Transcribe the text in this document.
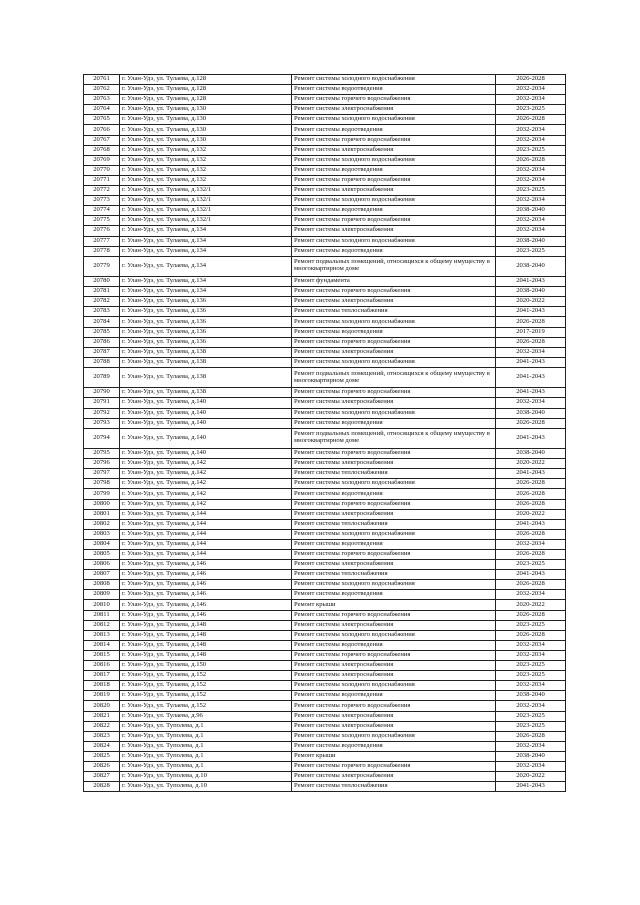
20761	г. Улан-Удэ, ул. Тулаева, д.128	Ремонт системы холодного водоснабжения	2026-2028
20762	г. Улан-Удэ, ул. Тулаева, д.128	Ремонт системы водоотведения	2032-2034
20763	г. Улан-Удэ, ул. Тулаева, д.128	Ремонт системы горячего водоснабжения	2032-2034
20764	г. Улан-Удэ, ул. Тулаева, д.130	Ремонт системы электроснабжения	2023-2025
20765	г. Улан-Удэ, ул. Тулаева, д.130	Ремонт системы холодного водоснабжения	2026-2028
20766	г. Улан-Удэ, ул. Тулаева, д.130	Ремонт системы водоотведения	2032-2034
20767	г. Улан-Удэ, ул. Тулаева, д.130	Ремонт системы горячего водоснабжения	2032-2034
20768	г. Улан-Удэ, ул. Тулаева, д.132	Ремонт системы электроснабжения	2023-2025
20769	г. Улан-Удэ, ул. Тулаева, д.132	Ремонт системы холодного водоснабжения	2026-2028
20770	г. Улан-Удэ, ул. Тулаева, д.132	Ремонт системы водоотведения	2032-2034
20771	г. Улан-Удэ, ул. Тулаева, д.132	Ремонт системы горячего водоснабжения	2032-2034
20772	г. Улан-Удэ, ул. Тулаева, д.132/1	Ремонт системы электроснабжения	2023-2025
20773	г. Улан-Удэ, ул. Тулаева, д.132/1	Ремонт системы холодного водоснабжения	2032-2034
20774	г. Улан-Удэ, ул. Тулаева, д.132/1	Ремонт системы водоотведения	2038-2040
20775	г. Улан-Удэ, ул. Тулаева, д.132/1	Ремонт системы горячего водоснабжения	2032-2034
20776	г. Улан-Удэ, ул. Тулаева, д.134	Ремонт системы электроснабжения	2032-2034
20777	г. Улан-Удэ, ул. Тулаева, д.134	Ремонт системы холодного водоснабжения	2038-2040
20778	г. Улан-Удэ, ул. Тулаева, д.134	Ремонт системы водоотведения	2023-2025
20779	г. Улан-Удэ, ул. Тулаева, д.134	Ремонт подвальных помещений, относящихся к общему имуществу в многоквартирном доме	2038-2040
20780	г. Улан-Удэ, ул. Тулаева, д.134	Ремонт фундамента	2041-2043
20781	г. Улан-Удэ, ул. Тулаева, д.134	Ремонт системы горячего водоснабжения	2038-2040
20782	г. Улан-Удэ, ул. Тулаева, д.136	Ремонт системы электроснабжения	2020-2022
20783	г. Улан-Удэ, ул. Тулаева, д.136	Ремонт системы теплоснабжения	2041-2043
20784	г. Улан-Удэ, ул. Тулаева, д.136	Ремонт системы холодного водоснабжения	2026-2028
20785	г. Улан-Удэ, ул. Тулаева, д.136	Ремонт системы водоотведения	2017-2019
20786	г. Улан-Удэ, ул. Тулаева, д.136	Ремонт системы горячего водоснабжения	2026-2028
20787	г. Улан-Удэ, ул. Тулаева, д.138	Ремонт системы электроснабжения	2032-2034
20788	г. Улан-Удэ, ул. Тулаева, д.138	Ремонт системы холодного водоснабжения	2041-2043
20789	г. Улан-Удэ, ул. Тулаева, д.138	Ремонт подвальных помещений, относящихся к общему имуществу в многоквартирном доме	2041-2043
20790	г. Улан-Удэ, ул. Тулаева, д.138	Ремонт системы горячего водоснабжения	2041-2043
20791	г. Улан-Удэ, ул. Тулаева, д.140	Ремонт системы электроснабжения	2032-2034
20792	г. Улан-Удэ, ул. Тулаева, д.140	Ремонт системы холодного водоснабжения	2038-2040
20793	г. Улан-Удэ, ул. Тулаева, д.140	Ремонт системы водоотведения	2026-2028
20794	г. Улан-Удэ, ул. Тулаева, д.140	Ремонт подвальных помещений, относящихся к общему имуществу в многоквартирном доме	2041-2043
20795	г. Улан-Удэ, ул. Тулаева, д.140	Ремонт системы горячего водоснабжения	2038-2040
20796	г. Улан-Удэ, ул. Тулаева, д.142	Ремонт системы электроснабжения	2020-2022
20797	г. Улан-Удэ, ул. Тулаева, д.142	Ремонт системы теплоснабжения	2041-2043
20798	г. Улан-Удэ, ул. Тулаева, д.142	Ремонт системы холодного водоснабжения	2026-2028
20799	г. Улан-Удэ, ул. Тулаева, д.142	Ремонт системы водоотведения	2026-2028
20800	г. Улан-Удэ, ул. Тулаева, д.142	Ремонт системы горячего водоснабжения	2026-2028
20801	г. Улан-Удэ, ул. Тулаева, д.144	Ремонт системы электроснабжения	2020-2022
20802	г. Улан-Удэ, ул. Тулаева, д.144	Ремонт системы теплоснабжения	2041-2043
20803	г. Улан-Удэ, ул. Тулаева, д.144	Ремонт системы холодного водоснабжения	2026-2028
20804	г. Улан-Удэ, ул. Тулаева, д.144	Ремонт системы водоотведения	2032-2034
20805	г. Улан-Удэ, ул. Тулаева, д.144	Ремонт системы горячего водоснабжения	2026-2028
20806	г. Улан-Удэ, ул. Тулаева, д.146	Ремонт системы электроснабжения	2023-2025
20807	г. Улан-Удэ, ул. Тулаева, д.146	Ремонт системы теплоснабжения	2041-2043
20808	г. Улан-Удэ, ул. Тулаева, д.146	Ремонт системы холодного водоснабжения	2026-2028
20809	г. Улан-Удэ, ул. Тулаева, д.146	Ремонт системы водоотведения	2032-2034
20810	г. Улан-Удэ, ул. Тулаева, д.146	Ремонт крыши	2020-2022
20811	г. Улан-Удэ, ул. Тулаева, д.146	Ремонт системы горячего водоснабжения	2026-2028
20812	г. Улан-Удэ, ул. Тулаева, д.148	Ремонт системы электроснабжения	2023-2025
20813	г. Улан-Удэ, ул. Тулаева, д.148	Ремонт системы холодного водоснабжения	2026-2028
20814	г. Улан-Удэ, ул. Тулаева, д.148	Ремонт системы водоотведения	2032-2034
20815	г. Улан-Удэ, ул. Тулаева, д.148	Ремонт системы горячего водоснабжения	2032-2034
20816	г. Улан-Удэ, ул. Тулаева, д.150	Ремонт системы электроснабжения	2023-2025
20817	г. Улан-Удэ, ул. Тулаева, д.152	Ремонт системы электроснабжения	2023-2025
20818	г. Улан-Удэ, ул. Тулаева, д.152	Ремонт системы холодного водоснабжения	2032-2034
20819	г. Улан-Удэ, ул. Тулаева, д.152	Ремонт системы водоотведения	2038-2040
20820	г. Улан-Удэ, ул. Тулаева, д.152	Ремонт системы горячего водоснабжения	2032-2034
20821	г. Улан-Удэ, ул. Тулаева, д.96	Ремонт системы электроснабжения	2023-2025
20822	г. Улан-Удэ, ул. Туполева, д.1	Ремонт системы электроснабжения	2023-2025
20823	г. Улан-Удэ, ул. Туполева, д.1	Ремонт системы холодного водоснабжения	2026-2028
20824	г. Улан-Удэ, ул. Туполева, д.1	Ремонт системы водоотведения	2032-2034
20825	г. Улан-Удэ, ул. Туполева, д.1	Ремонт крыши	2038-2040
20826	г. Улан-Удэ, ул. Туполева, д.1	Ремонт системы горячего водоснабжения	2032-2034
20827	г. Улан-Удэ, ул. Туполева, д.10	Ремонт системы электроснабжения	2020-2022
20828	г. Улан-Удэ, ул. Туполева, д.10	Ремонт системы теплоснабжения	2041-2043
